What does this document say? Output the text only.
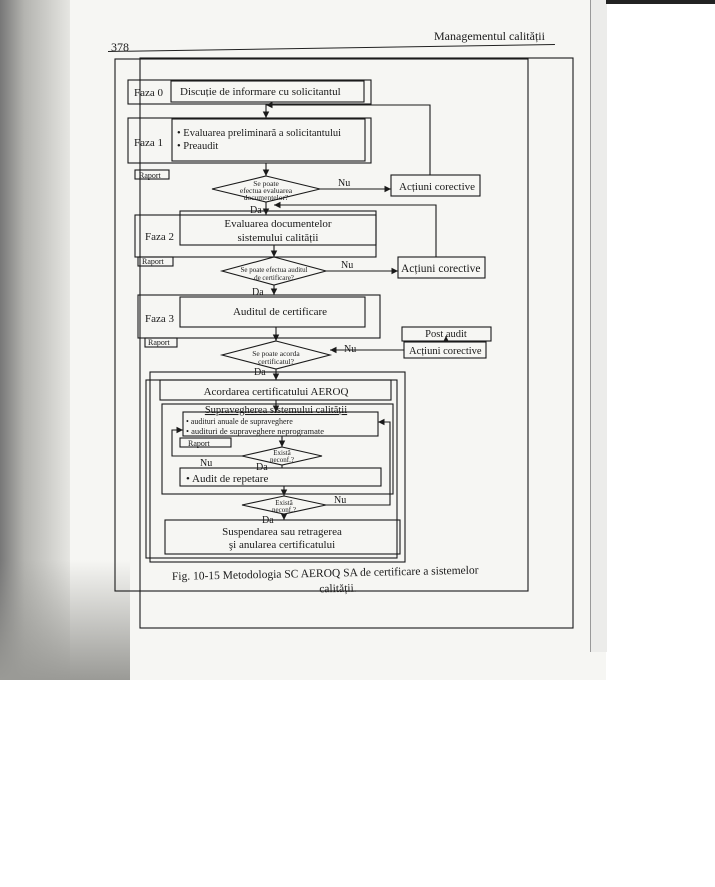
378
Managementul calității
Faza 0 Discuție de informare cu solicitantul
Faza 1
• Evaluarea preliminară a solicitantului
• Preaudit
Raport
Se poate
efectua evaluarea
documentelor?
Nu
Da
Acțiuni corective
Faza 2
Evaluarea documentelor
sistemului calității
Raport
Se poate efectua auditul
de certificare?
Nu
Da
Acțiuni corective
Faza 3
Auditul de certificare
Raport
Se poate acorda
certificatul?
Nu
Da
Acțiuni corective
Post audit
Acordarea certificatului AEROQ
Supravegherea sistemului calității
• audituri anuale de supraveghere
• audituri de supraveghere neprogramate
Raport
Există
neconf.?
Nu	Da
• Audit de repetare
Există
neconf.?
Nu
Da
Suspendarea sau retragerea
şi anularea certificatului
Fig. 10-15 Metodologia SC AEROQ SA de certificare a sistemelor
calității.
